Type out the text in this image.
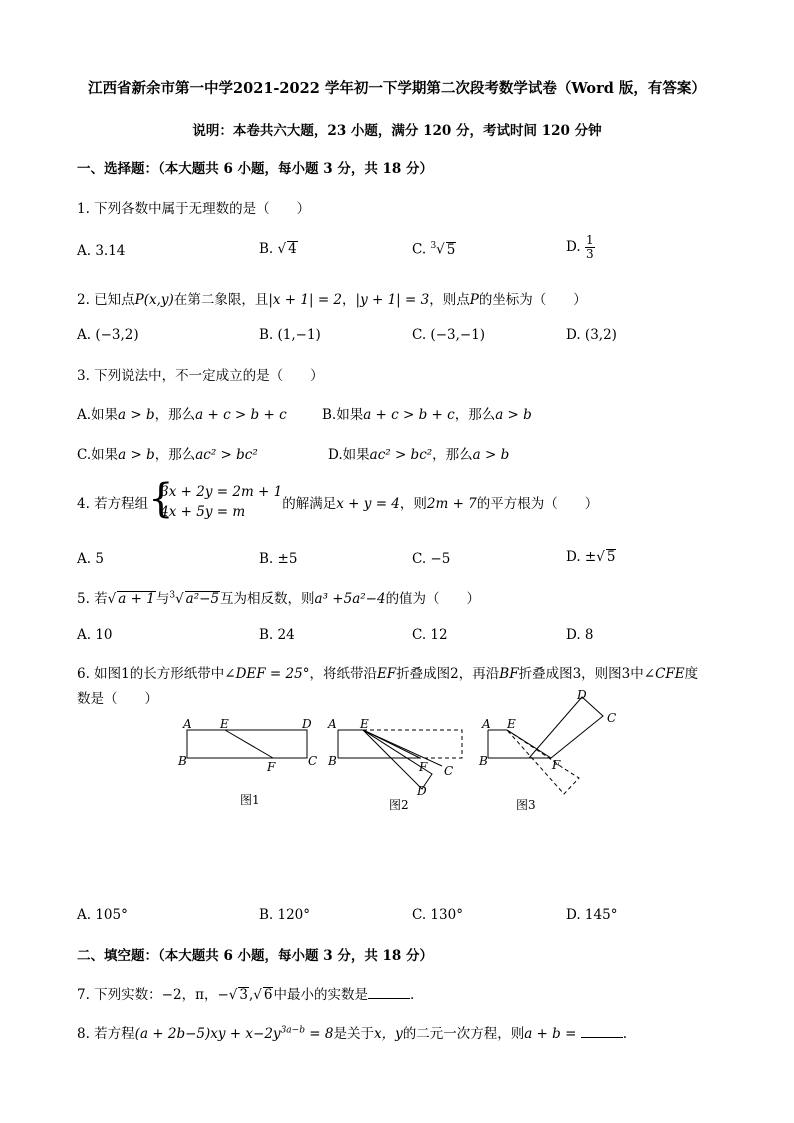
江西省新余市第一中学2021-2022 学年初一下学期第二次段考数学试卷（Word 版，有答案）
说明：本卷共六大题，23 小题，满分 120 分，考试时间 120 分钟
一、选择题：（本大题共 6 小题，每小题 3 分，共 18 分）
1. 下列各数中属于无理数的是（　　）
A. 3.14	B. √ 4	C. $^3$√ 5	D. $\frac{1}{3}$
2. 已知点P(x,y)在第二象限，且|x + 1| = 2，|y + 1| = 3，则点P的坐标为（　　）
A. (−3,2)	B. (1,−1)	C. (−3,−1)	D. (3,2)
3. 下列说法中，不一定成立的是（　　）
A.如果a > b，那么a + c > b + c	B.如果a + c > b + c，那么a > b
C.如果a > b，那么ac² > bc²	D.如果ac² > bc²，那么a > b
4. 若方程组 {
3x + 2y = 2m + 1
4x + 5y = m	的解满足x + y = 4，则2m + 7的平方根为（　　）
A. 5	B. ±5	C. −5	D. ±√ 5
5. 若√ a + 1与$^3$√ a²−5互为相反数，则a³ +5a²−4的值为（　　）
A. 10	B. 24	C. 12	D. 8
6. 如图1的长方形纸带中∠DEF = 25°，将纸带沿EF折叠成图2，再沿BF折叠成图3，则图3中∠CFE度
数是（　　）
A E	D
B	F	C
A E
B	F C
D
A E
B	F
D
C
图1	图2	图3
A. 105°	B. 120°	C. 130°	D. 145°
二、填空题：（本大题共 6 小题，每小题 3 分，共 18 分）
7. 下列实数：−2，π，−√ 3,√ 6中最小的实数是	.
8. 若方程$(a + 2b-5)xy + x-2y^{3a-b} = 8$是关于x，y的二元一次方程，则a + b =	.
